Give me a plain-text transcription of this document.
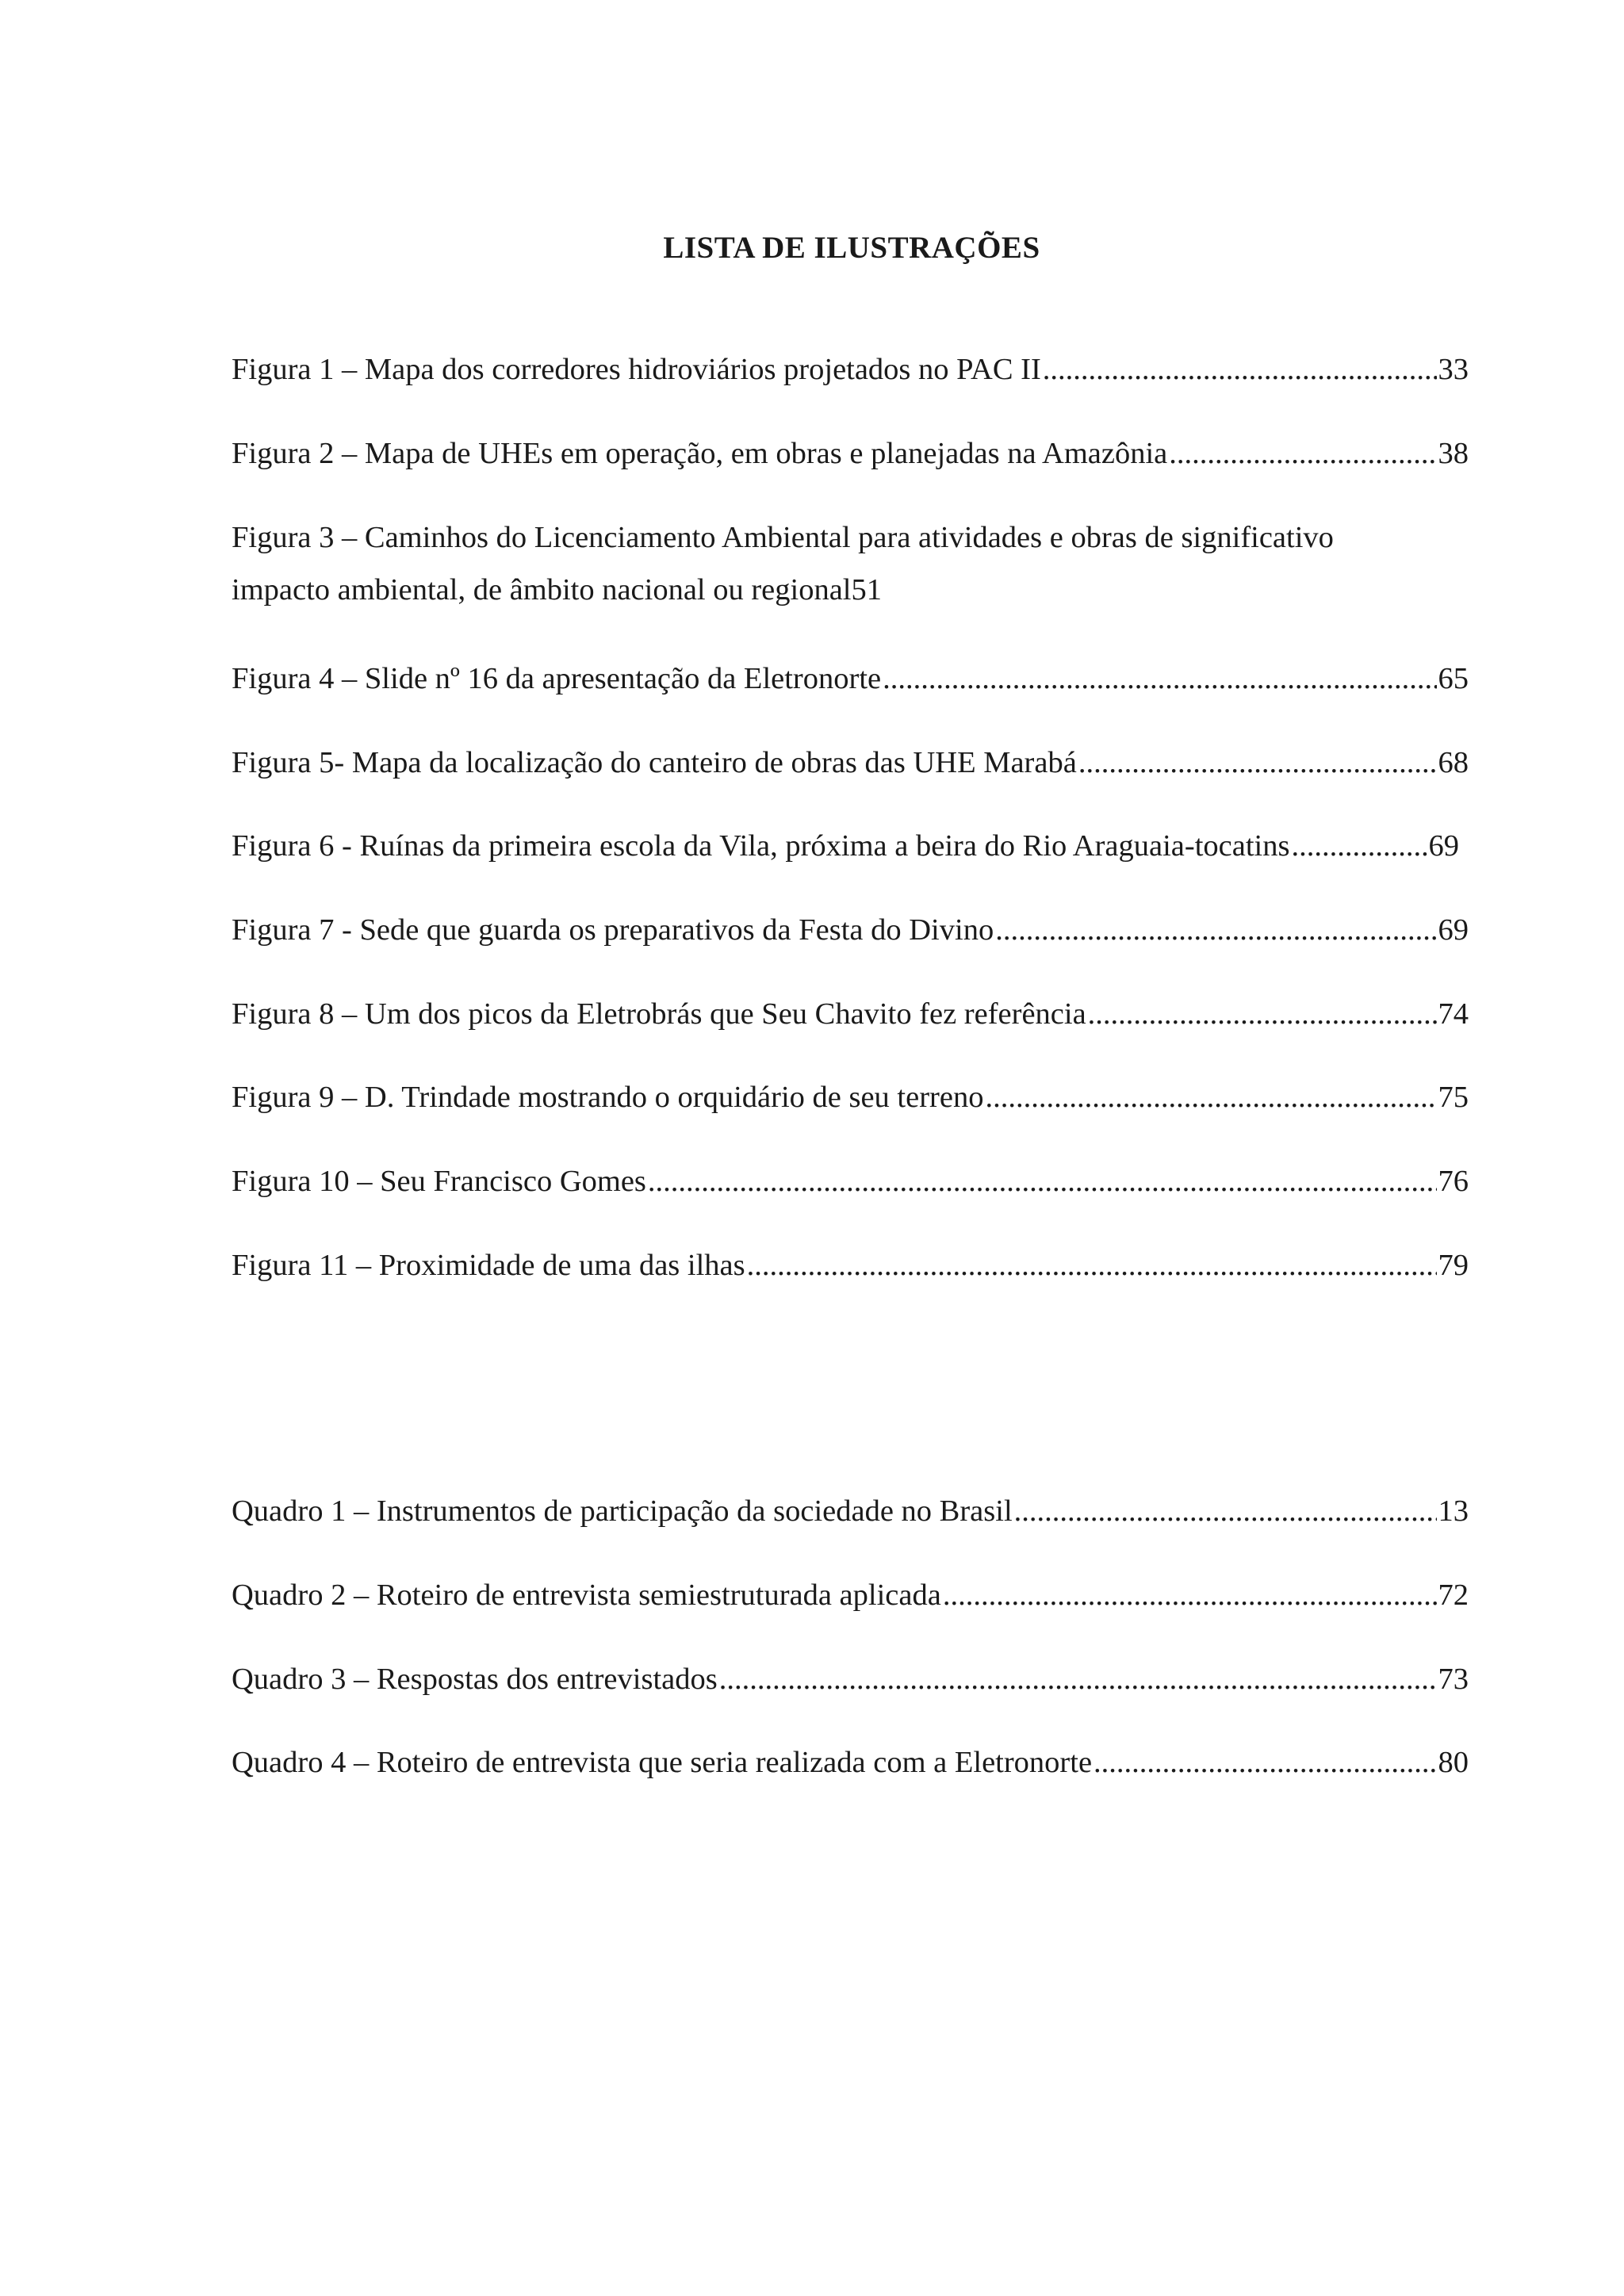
LISTA DE ILUSTRAÇÕES
Figura 1 – Mapa dos corredores hidroviários projetados no PAC II .....	33
Figura 2 – Mapa de UHEs em operação, em obras e planejadas na Amazônia .....	38
Figura 3 – Caminhos do Licenciamento Ambiental para atividades e obras de significativo
impacto ambiental, de âmbito nacional ou regional 51
Figura 4 – Slide nº 16 da apresentação da Eletronorte .....	65
Figura 5- Mapa da localização do canteiro de obras das UHE Marabá .....	68
Figura 6 - Ruínas da primeira escola da Vila, próxima a beira do Rio Araguaia-tocatins .....	69
Figura 7 - Sede que guarda os preparativos da Festa do Divino .....	69
Figura 8 – Um dos picos da Eletrobrás que Seu Chavito fez referência .....	74
Figura 9 – D. Trindade mostrando o orquidário de seu terreno .....	75
Figura 10 – Seu Francisco Gomes .....	76
Figura 11 – Proximidade de uma das ilhas .....	79
Quadro 1 – Instrumentos de participação da sociedade no Brasil .....	13
Quadro 2 – Roteiro de entrevista semiestruturada aplicada .....	72
Quadro 3 – Respostas dos entrevistados .....	73
Quadro 4 – Roteiro de entrevista que seria realizada com a Eletronorte .....	80
